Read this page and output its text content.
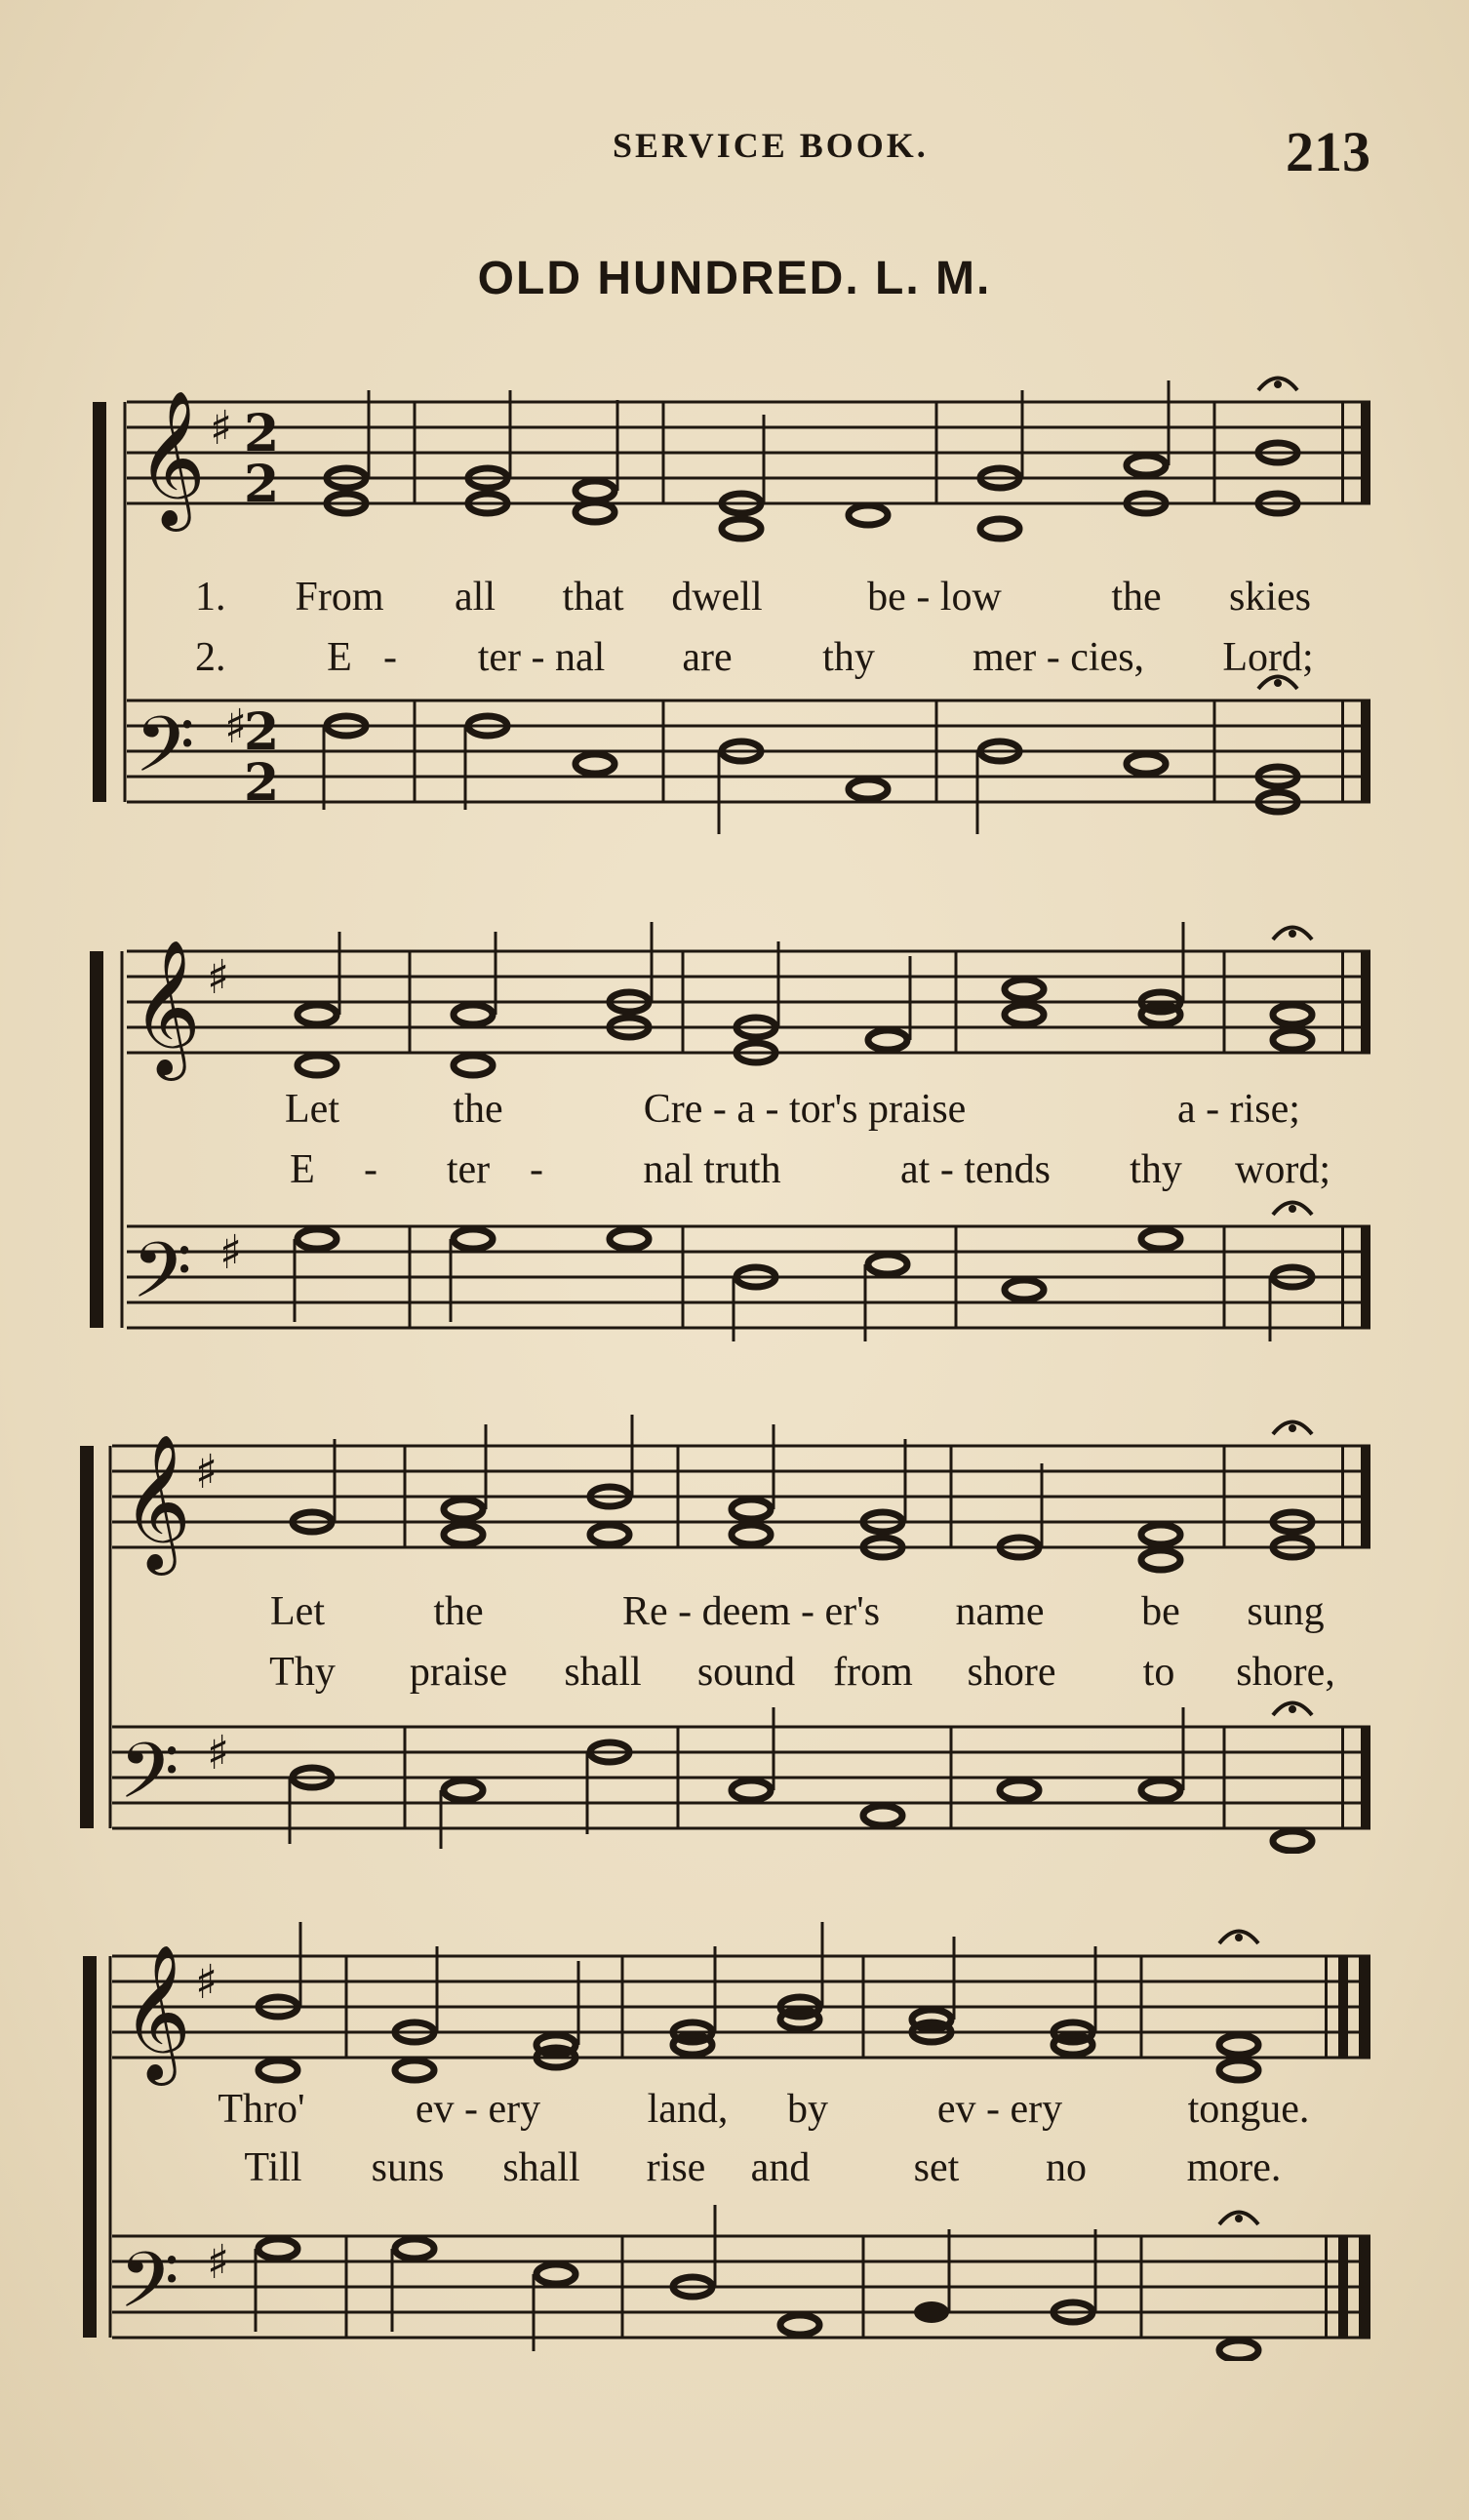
SERVICE BOOK.	213
OLD HUNDRED. L. M.
𝄞
𝄢
♯
♯
2
2
2
2
1. From all that dwell	be - low	the skies
2. E - ter - nal are thy mer - cies, Lord;
𝄞
𝄢
♯
♯
Let	the	Cre - a - tor's praise	a - rise;
E - ter - nal truth	at - tends thy word;
𝄞
𝄢
♯
♯
Let	the	Re - deem - er's name be sung
Thy praise shall sound from shore to shore,
𝄞
𝄢
♯
♯
Thro'	ev - ery	land, by	ev - ery	tongue.
Till suns shall rise and	set no more.
